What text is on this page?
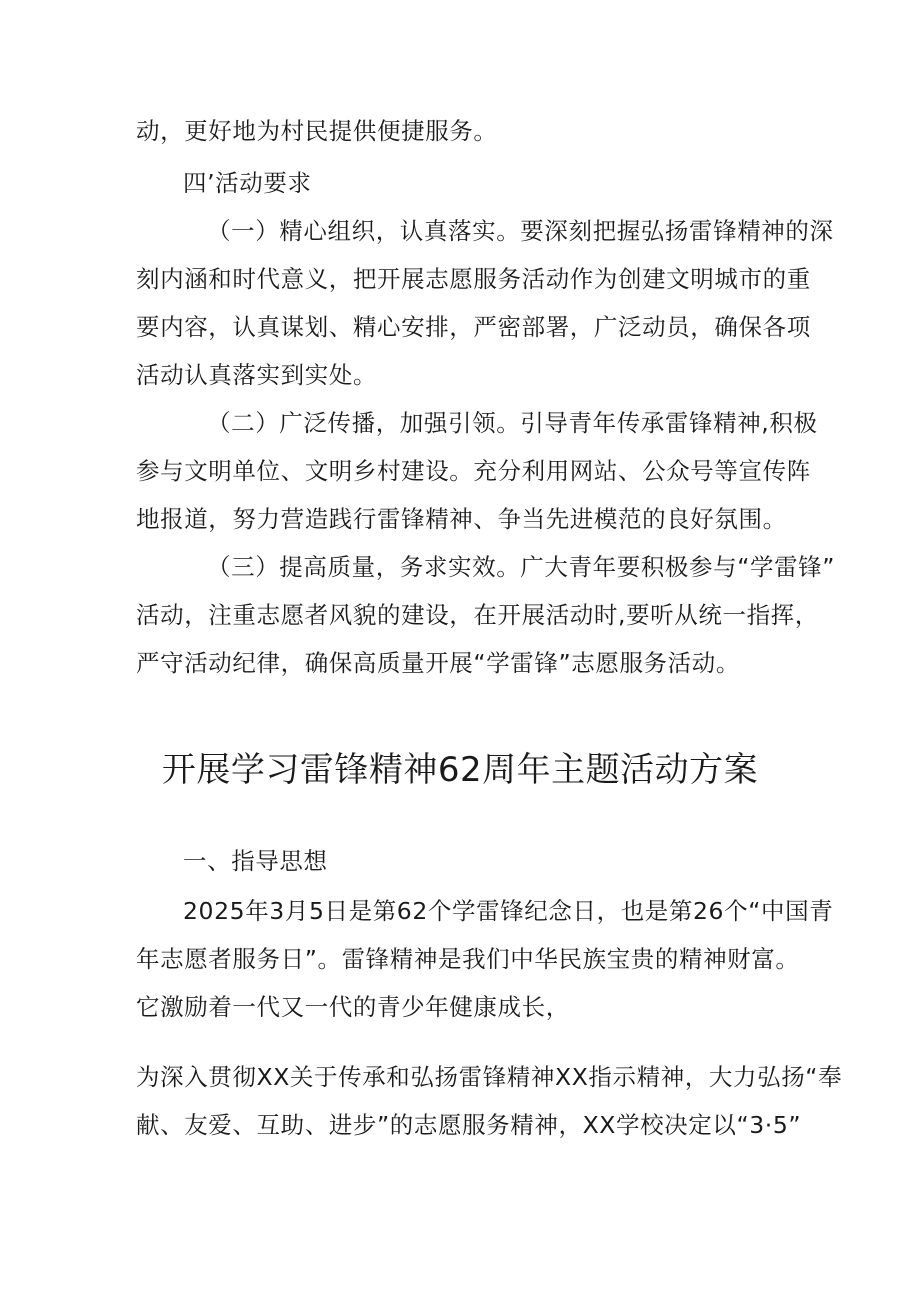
动，更好地为村民提供便捷服务。

四’活动要求

（一）精心组织，认真落实。要深刻把握弘扬雷锋精神的深

刻内涵和时代意义，把开展志愿服务活动作为创建文明城市的重

要内容，认真谋划、精心安排，严密部署，广泛动员，确保各项

活动认真落实到实处。

（二）广泛传播，加强引领。引导青年传承雷锋精神,积极

参与文明单位、文明乡村建设。充分利用网站、公众号等宣传阵

地报道，努力营造践行雷锋精神、争当先进模范的良好氛围。

（三）提高质量，务求实效。广大青年要积极参与“学雷锋”

活动，注重志愿者风貌的建设，在开展活动时,要听从统一指挥，

严守活动纪律，确保高质量开展“学雷锋”志愿服务活动。

开展学习雷锋精神62周年主题活动方案

一、指导思想

2025年3月5日是第62个学雷锋纪念日，也是第26个“中国青

年志愿者服务日”。雷锋精神是我们中华民族宝贵的精神财富。

它激励着一代又一代的青少年健康成长，

为深入贯彻XX关于传承和弘扬雷锋精神XX指示精神，大力弘扬“奉

献、友爱、互助、进步”的志愿服务精神，XX学校决定以“3·5”
